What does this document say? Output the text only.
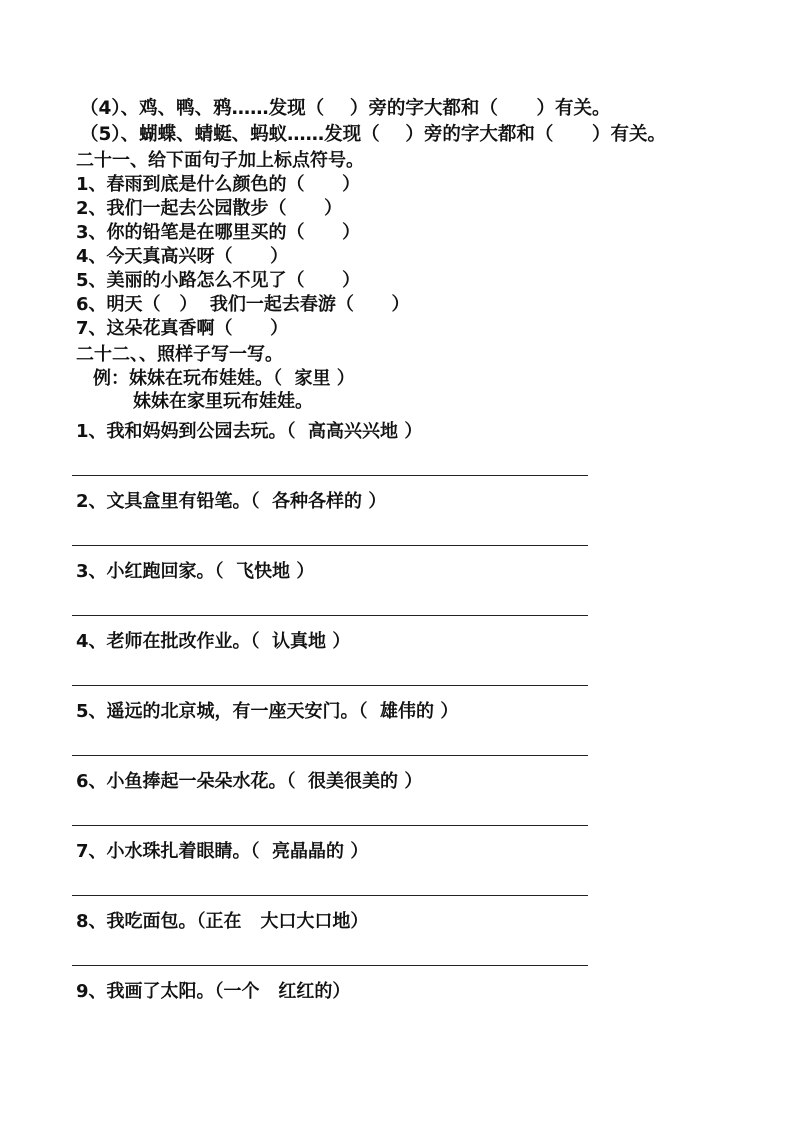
（4）、鸡、鸭、鸦……发现（    ）旁的字大都和（      ）有关。
（5）、蝴蝶、蜻蜓、蚂蚁……发现（    ）旁的字大都和（      ）有关。
二十一、给下面句子加上标点符号。
1、春雨到底是什么颜色的（      ）
2、我们一起去公园散步（      ）
3、你的铅笔是在哪里买的（      ）
4、今天真高兴呀（      ）
5、美丽的小路怎么不见了（      ）
6、明天（   ）  我们一起去春游（      ）
7、这朵花真香啊（      ）
二十二、、照样子写一写。
例：妹妹在玩布娃娃。（  家里 ）
妹妹在家里玩布娃娃。
1、我和妈妈到公园去玩。（  高高兴兴地 ）
2、文具盒里有铅笔。（  各种各样的 ）
3、小红跑回家。（  飞快地 ）
4、老师在批改作业。（  认真地 ）
5、遥远的北京城，有一座天安门。（  雄伟的 ）
6、小鱼捧起一朵朵水花。（  很美很美的 ）
7、小水珠扎着眼睛。（  亮晶晶的 ）
8、我吃面包。（正在   大口大口地）
9、我画了太阳。（一个   红红的）
